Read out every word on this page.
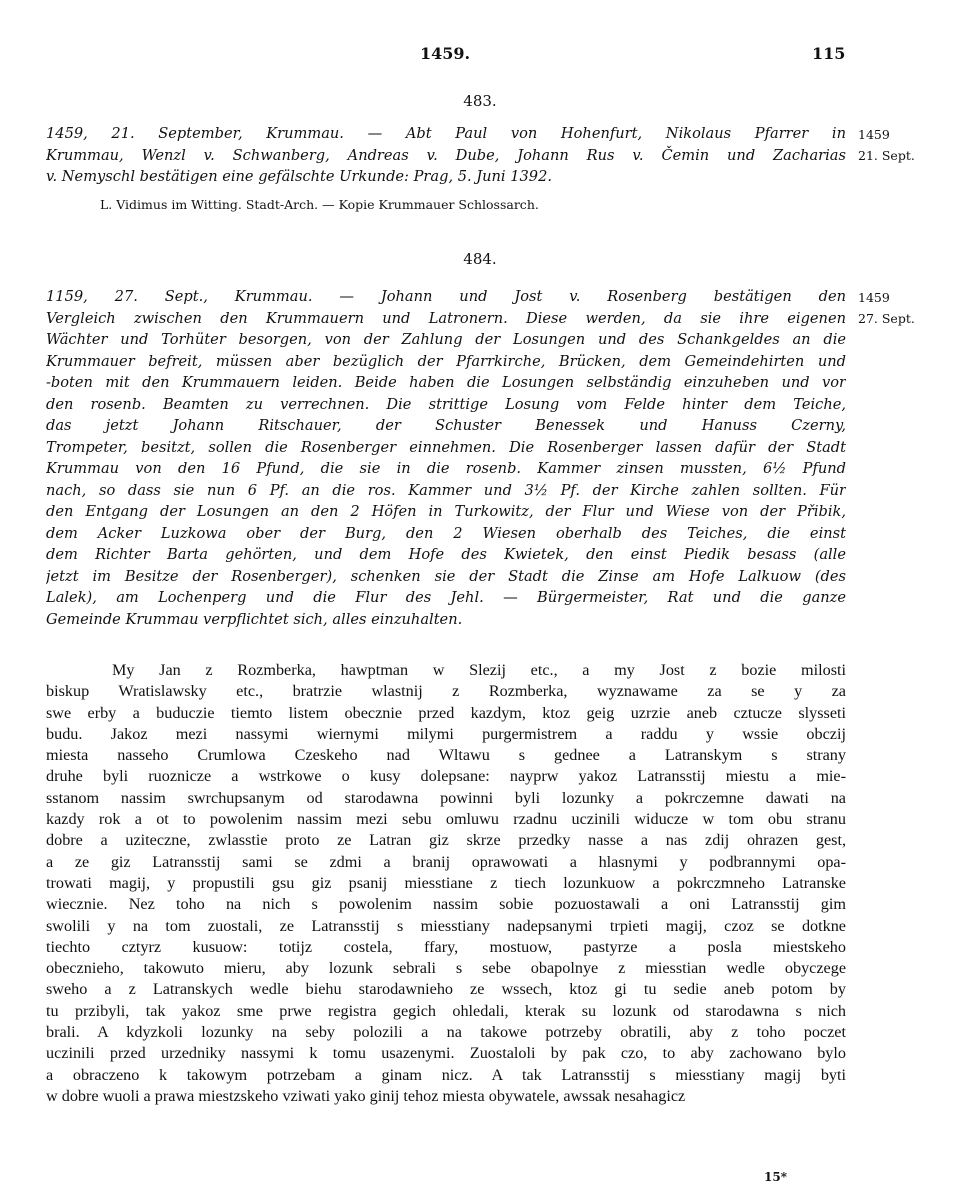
1459.	115
483.
1459
21. Sept.
1459, 21. September, Krummau. — Abt Paul von Hohenfurt, Nikolaus Pfarrer in
Krummau, Wenzl v. Schwanberg, Andreas v. Dube, Johann Rus v. Čemin und Zacharias
v. Nemyschl bestätigen eine gefälschte Urkunde: Prag, 5. Juni 1392.
L. Vidimus im Witting. Stadt-Arch. — Kopie Krummauer Schlossarch.
484.
1459
27. Sept.
1159, 27. Sept., Krummau. — Johann und Jost v. Rosenberg bestätigen den
Vergleich zwischen den Krummauern und Latronern. Diese werden, da sie ihre eigenen
Wächter und Torhüter besorgen, von der Zahlung der Losungen und des Schankgeldes an die
Krummauer befreit, müssen aber bezüglich der Pfarrkirche, Brücken, dem Gemeindehirten und
-boten mit den Krummauern leiden. Beide haben die Losungen selbständig einzuheben und vor
den rosenb. Beamten zu verrechnen. Die strittige Losung vom Felde hinter dem Teiche,
das jetzt Johann Ritschauer, der Schuster Benessek und Hanuss Czerny,
Trompeter, besitzt, sollen die Rosenberger einnehmen. Die Rosenberger lassen dafür der Stadt
Krummau von den 16 Pfund, die sie in die rosenb. Kammer zinsen mussten, 6½ Pfund
nach, so dass sie nun 6 Pf. an die ros. Kammer und 3½ Pf. der Kirche zahlen sollten. Für
den Entgang der Losungen an den 2 Höfen in Turkowitz, der Flur und Wiese von der Přibik,
dem Acker Luzkowa ober der Burg, den 2 Wiesen oberhalb des Teiches, die einst
dem Richter Barta gehörten, und dem Hofe des Kwietek, den einst Piedik besass (alle
jetzt im Besitze der Rosenberger), schenken sie der Stadt die Zinse am Hofe Lalkuow (des
Lalek), am Lochenperg und die Flur des Jehl. — Bürgermeister, Rat und die ganze
Gemeinde Krummau verpflichtet sich, alles einzuhalten.
My Jan z Rozmberka, hawptman w Slezij etc., a my Jost z bozie milosti
biskup Wratislawsky etc., bratrzie wlastnij z Rozmberka, wyznawame za se y za
swe erby a buduczie tiemto listem obecznie przed kazdym, ktoz geig uzrzie aneb cztucze slysseti
budu. Jakoz mezi nassymi wiernymi milymi purgermistrem a raddu y wssie obczij
miesta nasseho Crumlowa Czeskeho nad Wltawu s gednee a Latranskym s strany
druhe byli ruoznicze a wstrkowe o kusy dolepsane: nayprw yakoz Latransstij miestu a miе-
sstanom nassim swrchupsanym od starodawna powinni byli lozunky a pokrczemne dawati na
kazdy rok a ot to powolenim nassim mezi sebu omluwu rzadnu uczinili widucze w tom obu stranu
dobre a uziteczne, zwlasstie proto ze Latran giz skrze przedky nasse a nas zdij ohrazen gest,
a ze giz Latransstij sami se zdmi a branij oprawowati a hlasnymi y podbrannymi opa-
trowati magij, y propustili gsu giz psanij miesstiane z tiech lozunkuow a pokrczmneho Latranske
wiecznie. Nez toho na nich s powolenim nassim sobie pozuostawali a oni Latransstij gim
swolili y na tom zuostali, ze Latransstij s miesstiany nadepsanymi trpieti magij, czoz se dotkne
tiechto cztyrz kusuow: totijz costela, ffary, mostuow, pastyrze a posla miestskeho
obecznieho, takowuto mieru, aby lozunk sebrali s sebe obapolnye z miesstian wedle obyczege
sweho a z Latranskych wedle biehu starodawnieho ze wssech, ktoz gi tu sedie aneb potom by
tu przibyli, tak yakoz sme prwe registra gegich ohledali, kterak su lozunk od starodawna s nich
brali. A kdyzkoli lozunky na seby polozili a na takowe potrzeby obratili, aby z toho poczet
uczinili przed urzedniky nassymi k tomu usazenymi. Zuostaloli by pak czo, to aby zachowano bylo
a obraczeno k takowym potrzebam a ginam nicz. A tak Latransstij s miesstiany magij byti
w dobre wuoli a prawa miestzskeho vziwati yako ginij tehoz miesta obywatele, awssak nesahagicz
15*
